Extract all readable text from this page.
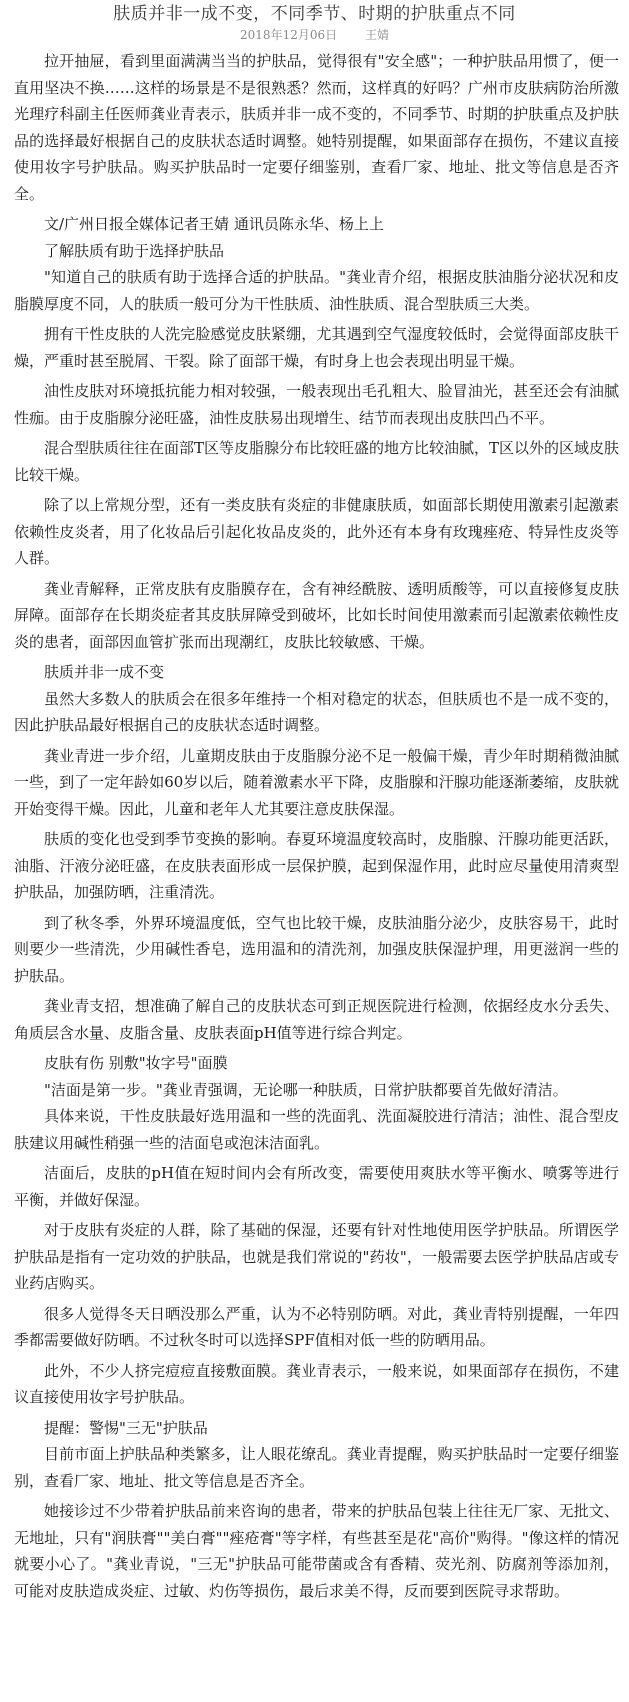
肤质并非一成不变，不同季节、时期的护肤重点不同

2018年12月06日 王婧

拉开抽屉，看到里面满满当当的护肤品，觉得很有"安全感"；一种护肤品用惯了，便一直用坚决不换……这样的场景是不是很熟悉？然而，这样真的好吗？广州市皮肤病防治所激光理疗科副主任医师龚业青表示，肤质并非一成不变的，不同季节、时期的护肤重点及护肤品的选择最好根据自己的皮肤状态适时调整。她特别提醒，如果面部存在损伤，不建议直接使用妆字号护肤品。购买护肤品时一定要仔细鉴别，查看厂家、地址、批文等信息是否齐全。

文/广州日报全媒体记者王婧 通讯员陈永华、杨上上

了解肤质有助于选择护肤品

"知道自己的肤质有助于选择合适的护肤品。"龚业青介绍，根据皮肤油脂分泌状况和皮脂膜厚度不同，人的肤质一般可分为干性肤质、油性肤质、混合型肤质三大类。

拥有干性皮肤的人洗完脸感觉皮肤紧绷，尤其遇到空气湿度较低时，会觉得面部皮肤干燥，严重时甚至脱屑、干裂。除了面部干燥，有时身上也会表现出明显干燥。

油性皮肤对环境抵抗能力相对较强，一般表现出毛孔粗大、脸冒油光，甚至还会有油腻性痂。由于皮脂腺分泌旺盛，油性皮肤易出现增生、结节而表现出皮肤凹凸不平。

混合型肤质往往在面部T区等皮脂腺分布比较旺盛的地方比较油腻，T区以外的区域皮肤比较干燥。

除了以上常规分型，还有一类皮肤有炎症的非健康肤质，如面部长期使用激素引起激素依赖性皮炎者，用了化妆品后引起化妆品皮炎的，此外还有本身有玫瑰痤疮、特异性皮炎等人群。

龚业青解释，正常皮肤有皮脂膜存在，含有神经酰胺、透明质酸等，可以直接修复皮肤屏障。面部存在长期炎症者其皮肤屏障受到破坏，比如长时间使用激素而引起激素依赖性皮炎的患者，面部因血管扩张而出现潮红，皮肤比较敏感、干燥。

肤质并非一成不变

虽然大多数人的肤质会在很多年维持一个相对稳定的状态，但肤质也不是一成不变的，因此护肤品最好根据自己的皮肤状态适时调整。

龚业青进一步介绍，儿童期皮肤由于皮脂腺分泌不足一般偏干燥，青少年时期稍微油腻一些，到了一定年龄如60岁以后，随着激素水平下降，皮脂腺和汗腺功能逐渐萎缩，皮肤就开始变得干燥。因此，儿童和老年人尤其要注意皮肤保湿。

肤质的变化也受到季节变换的影响。春夏环境温度较高时，皮脂腺、汗腺功能更活跃，油脂、汗液分泌旺盛，在皮肤表面形成一层保护膜，起到保湿作用，此时应尽量使用清爽型护肤品，加强防晒，注重清洗。

到了秋冬季，外界环境温度低，空气也比较干燥，皮肤油脂分泌少，皮肤容易干，此时则要少一些清洗，少用碱性香皂，选用温和的清洗剂，加强皮肤保湿护理，用更滋润一些的护肤品。

龚业青支招，想准确了解自己的皮肤状态可到正规医院进行检测，依据经皮水分丢失、角质层含水量、皮脂含量、皮肤表面pH值等进行综合判定。

皮肤有伤 别敷"妆字号"面膜

"洁面是第一步。"龚业青强调，无论哪一种肤质，日常护肤都要首先做好清洁。

具体来说，干性皮肤最好选用温和一些的洗面乳、洗面凝胶进行清洁；油性、混合型皮肤建议用碱性稍强一些的洁面皂或泡沫洁面乳。

洁面后，皮肤的pH值在短时间内会有所改变，需要使用爽肤水等平衡水、喷雾等进行平衡，并做好保湿。

对于皮肤有炎症的人群，除了基础的保湿，还要有针对性地使用医学护肤品。所谓医学护肤品是指有一定功效的护肤品，也就是我们常说的"药妆"，一般需要去医学护肤品店或专业药店购买。

很多人觉得冬天日晒没那么严重，认为不必特别防晒。对此，龚业青特别提醒，一年四季都需要做好防晒。不过秋冬时可以选择SPF值相对低一些的防晒用品。

此外，不少人挤完痘痘直接敷面膜。龚业青表示，一般来说，如果面部存在损伤，不建议直接使用妆字号护肤品。

提醒：警惕"三无"护肤品

目前市面上护肤品种类繁多，让人眼花缭乱。龚业青提醒，购买护肤品时一定要仔细鉴别，查看厂家、地址、批文等信息是否齐全。

她接诊过不少带着护肤品前来咨询的患者，带来的护肤品包装上往往无厂家、无批文、无地址，只有"润肤膏""美白膏""痤疮膏"等字样，有些甚至是花"高价"购得。"像这样的情况就要小心了。"龚业青说，"三无"护肤品可能带菌或含有香精、荧光剂、防腐剂等添加剂，可能对皮肤造成炎症、过敏、灼伤等损伤，最后求美不得，反而要到医院寻求帮助。
